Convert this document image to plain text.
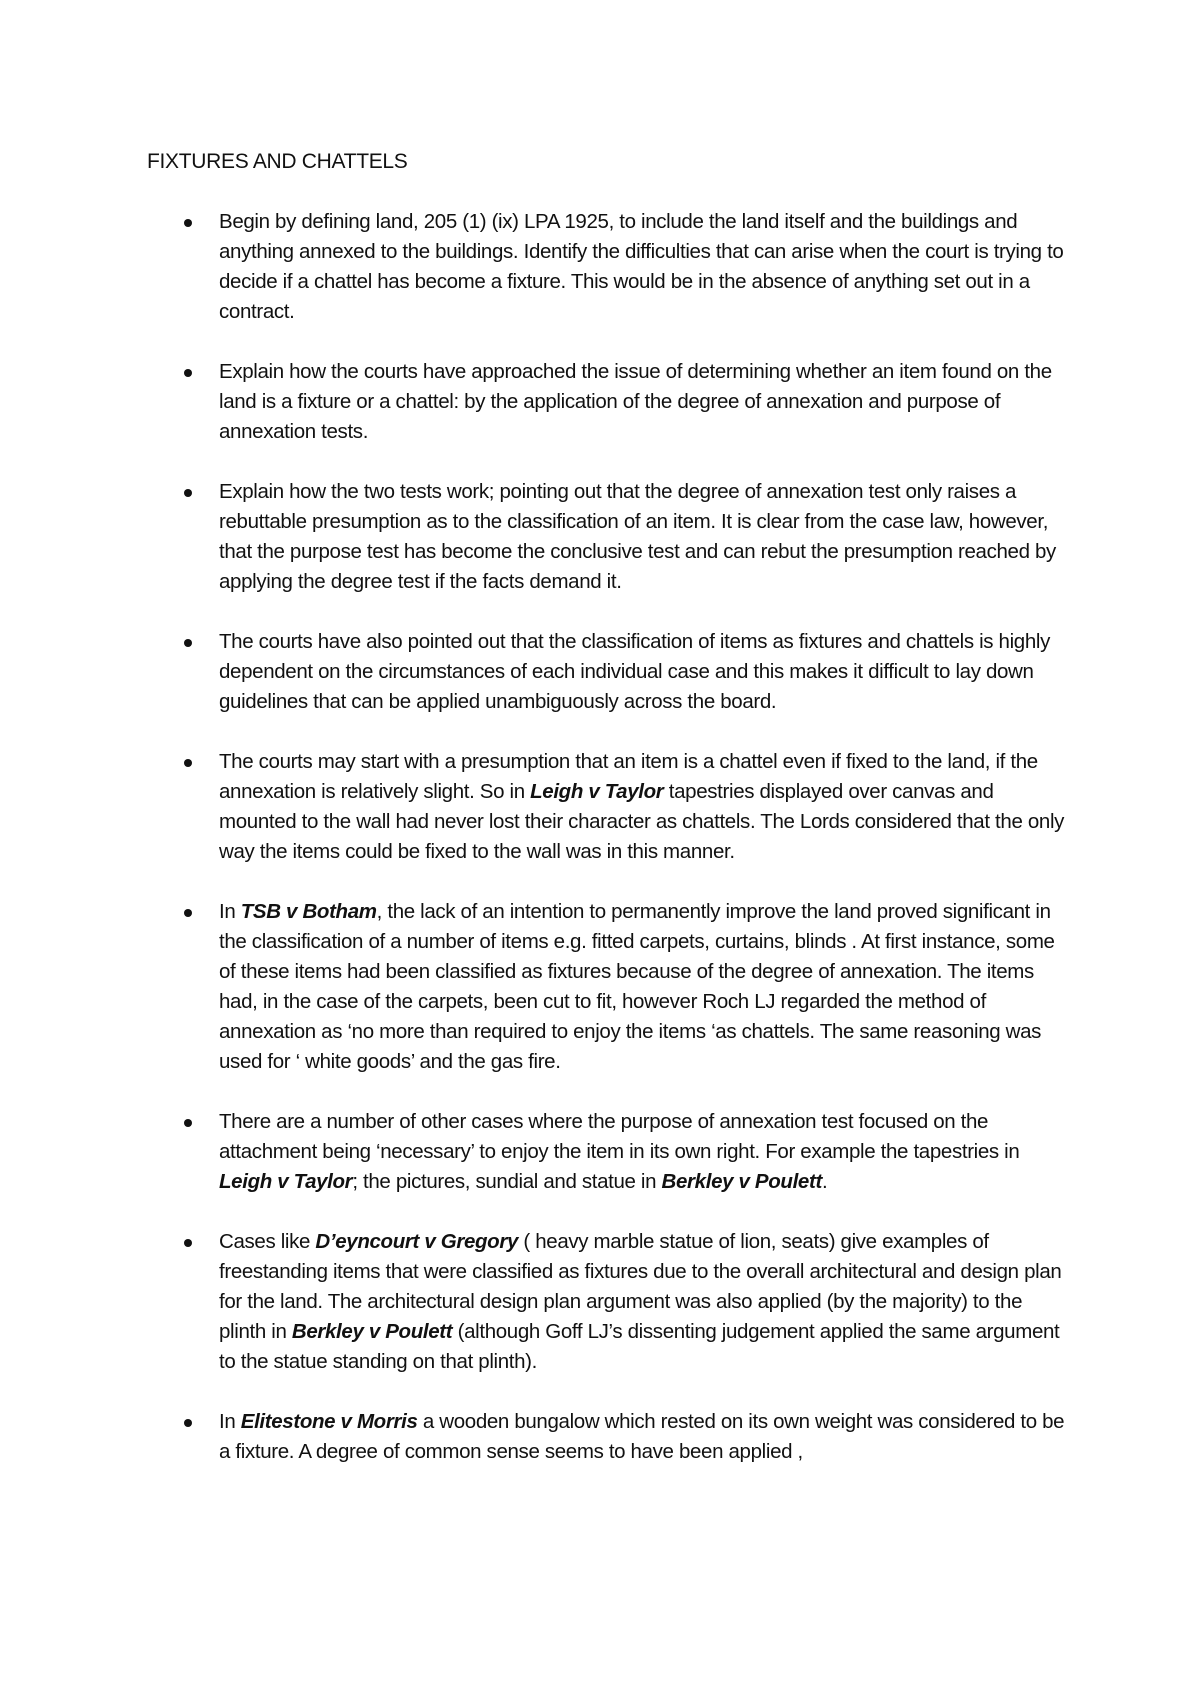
FIXTURES AND CHATTELS
Begin by defining land, 205 (1) (ix) LPA 1925, to include the land itself and the buildings and anything annexed to the buildings. Identify the difficulties that can arise when the court is trying to decide if a chattel has become a fixture. This would be in the absence of anything set out in a contract.
Explain how the courts have approached the issue of determining whether an item found on the land is a fixture or a chattel: by the application of the degree of annexation and purpose of annexation tests.
Explain how the two tests work; pointing out that the degree of annexation test only raises a rebuttable presumption as to the classification of an item. It is clear from the case law, however, that the purpose test has become the conclusive test and can rebut the presumption reached by applying the degree test if the facts demand it.
The courts have also pointed out that the classification of items as fixtures and chattels is highly dependent on the circumstances of each individual case and this makes it difficult to lay down guidelines that can be applied unambiguously across the board.
The courts may start with a presumption that an item is a chattel even if fixed to the land, if the annexation is relatively slight. So in Leigh v Taylor tapestries displayed over canvas and mounted to the wall had never lost their character as chattels. The Lords considered that the only way the items could be fixed to the wall was in this manner.
In TSB v Botham, the lack of an intention to permanently improve the land proved significant in the classification of a number of items e.g. fitted carpets, curtains, blinds . At first instance, some of these items had been classified as fixtures because of the degree of annexation. The items had, in the case of the carpets, been cut to fit, however Roch LJ regarded the method of annexation as ‘no more than required to enjoy the items ‘as chattels. The same reasoning was used for ‘ white goods’ and the gas fire.
There are a number of other cases where the purpose of annexation test focused on the attachment being ‘necessary’ to enjoy the item in its own right. For example the tapestries in Leigh v Taylor; the pictures, sundial and statue in Berkley v Poulett.
Cases like D’eyncourt v Gregory ( heavy marble statue of lion, seats) give examples of freestanding items that were classified as fixtures due to the overall architectural and design plan for the land. The architectural design plan argument was also applied (by the majority) to the plinth in Berkley v Poulett (although Goff LJ’s dissenting judgement applied the same argument to the statue standing on that plinth).
In Elitestone v Morris a wooden bungalow which rested on its own weight was considered to be a fixture. A degree of common sense seems to have been applied ,
